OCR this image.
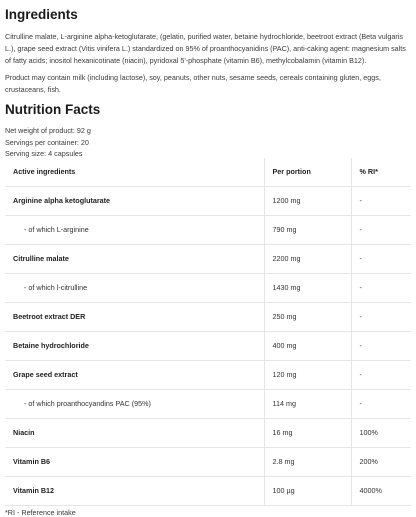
Ingredients

Citrulline malate, L-arginine alpha-ketoglutarate, (gelatin, purified water, betaine hydrochloride, beetroot extract (Beta vulgaris L.), grape seed extract (Vitis vinifera L.) standardized on 95% of proanthocyanidins (PAC), anti-caking agent: magnesium salts of fatty acids; inositol hexanicotinate (niacin), pyridoxal 5'-phosphate (vitamin B6), methylcobalamin (vitamin B12).

Product may contain milk (including lactose), soy, peanuts, other nuts, sesame seeds, cereals containing gluten, eggs, crustaceans, fish.

Nutrition Facts
Net weight of product: 92 g
Servings per container: 20
Serving size: 4 capsules
Active ingredients	Per portion	% RI*
Arginine alpha ketoglutarate	1200 mg	-
- of which L-arginine	790 mg	-
Citrulline malate	2200 mg	-
- of which l-citrulline	1430 mg	-
Beetroot extract DER	250 mg	-
Betaine hydrochloride	400 mg	-
Grape seed extract	120 mg	-
- of which proanthocyandins PAC (95%)	114 mg	-
Niacin	16 mg	100%
Vitamin B6	2.8 mg	200%
Vitamin B12	100 µg	4000%
*RI - Reference intake
